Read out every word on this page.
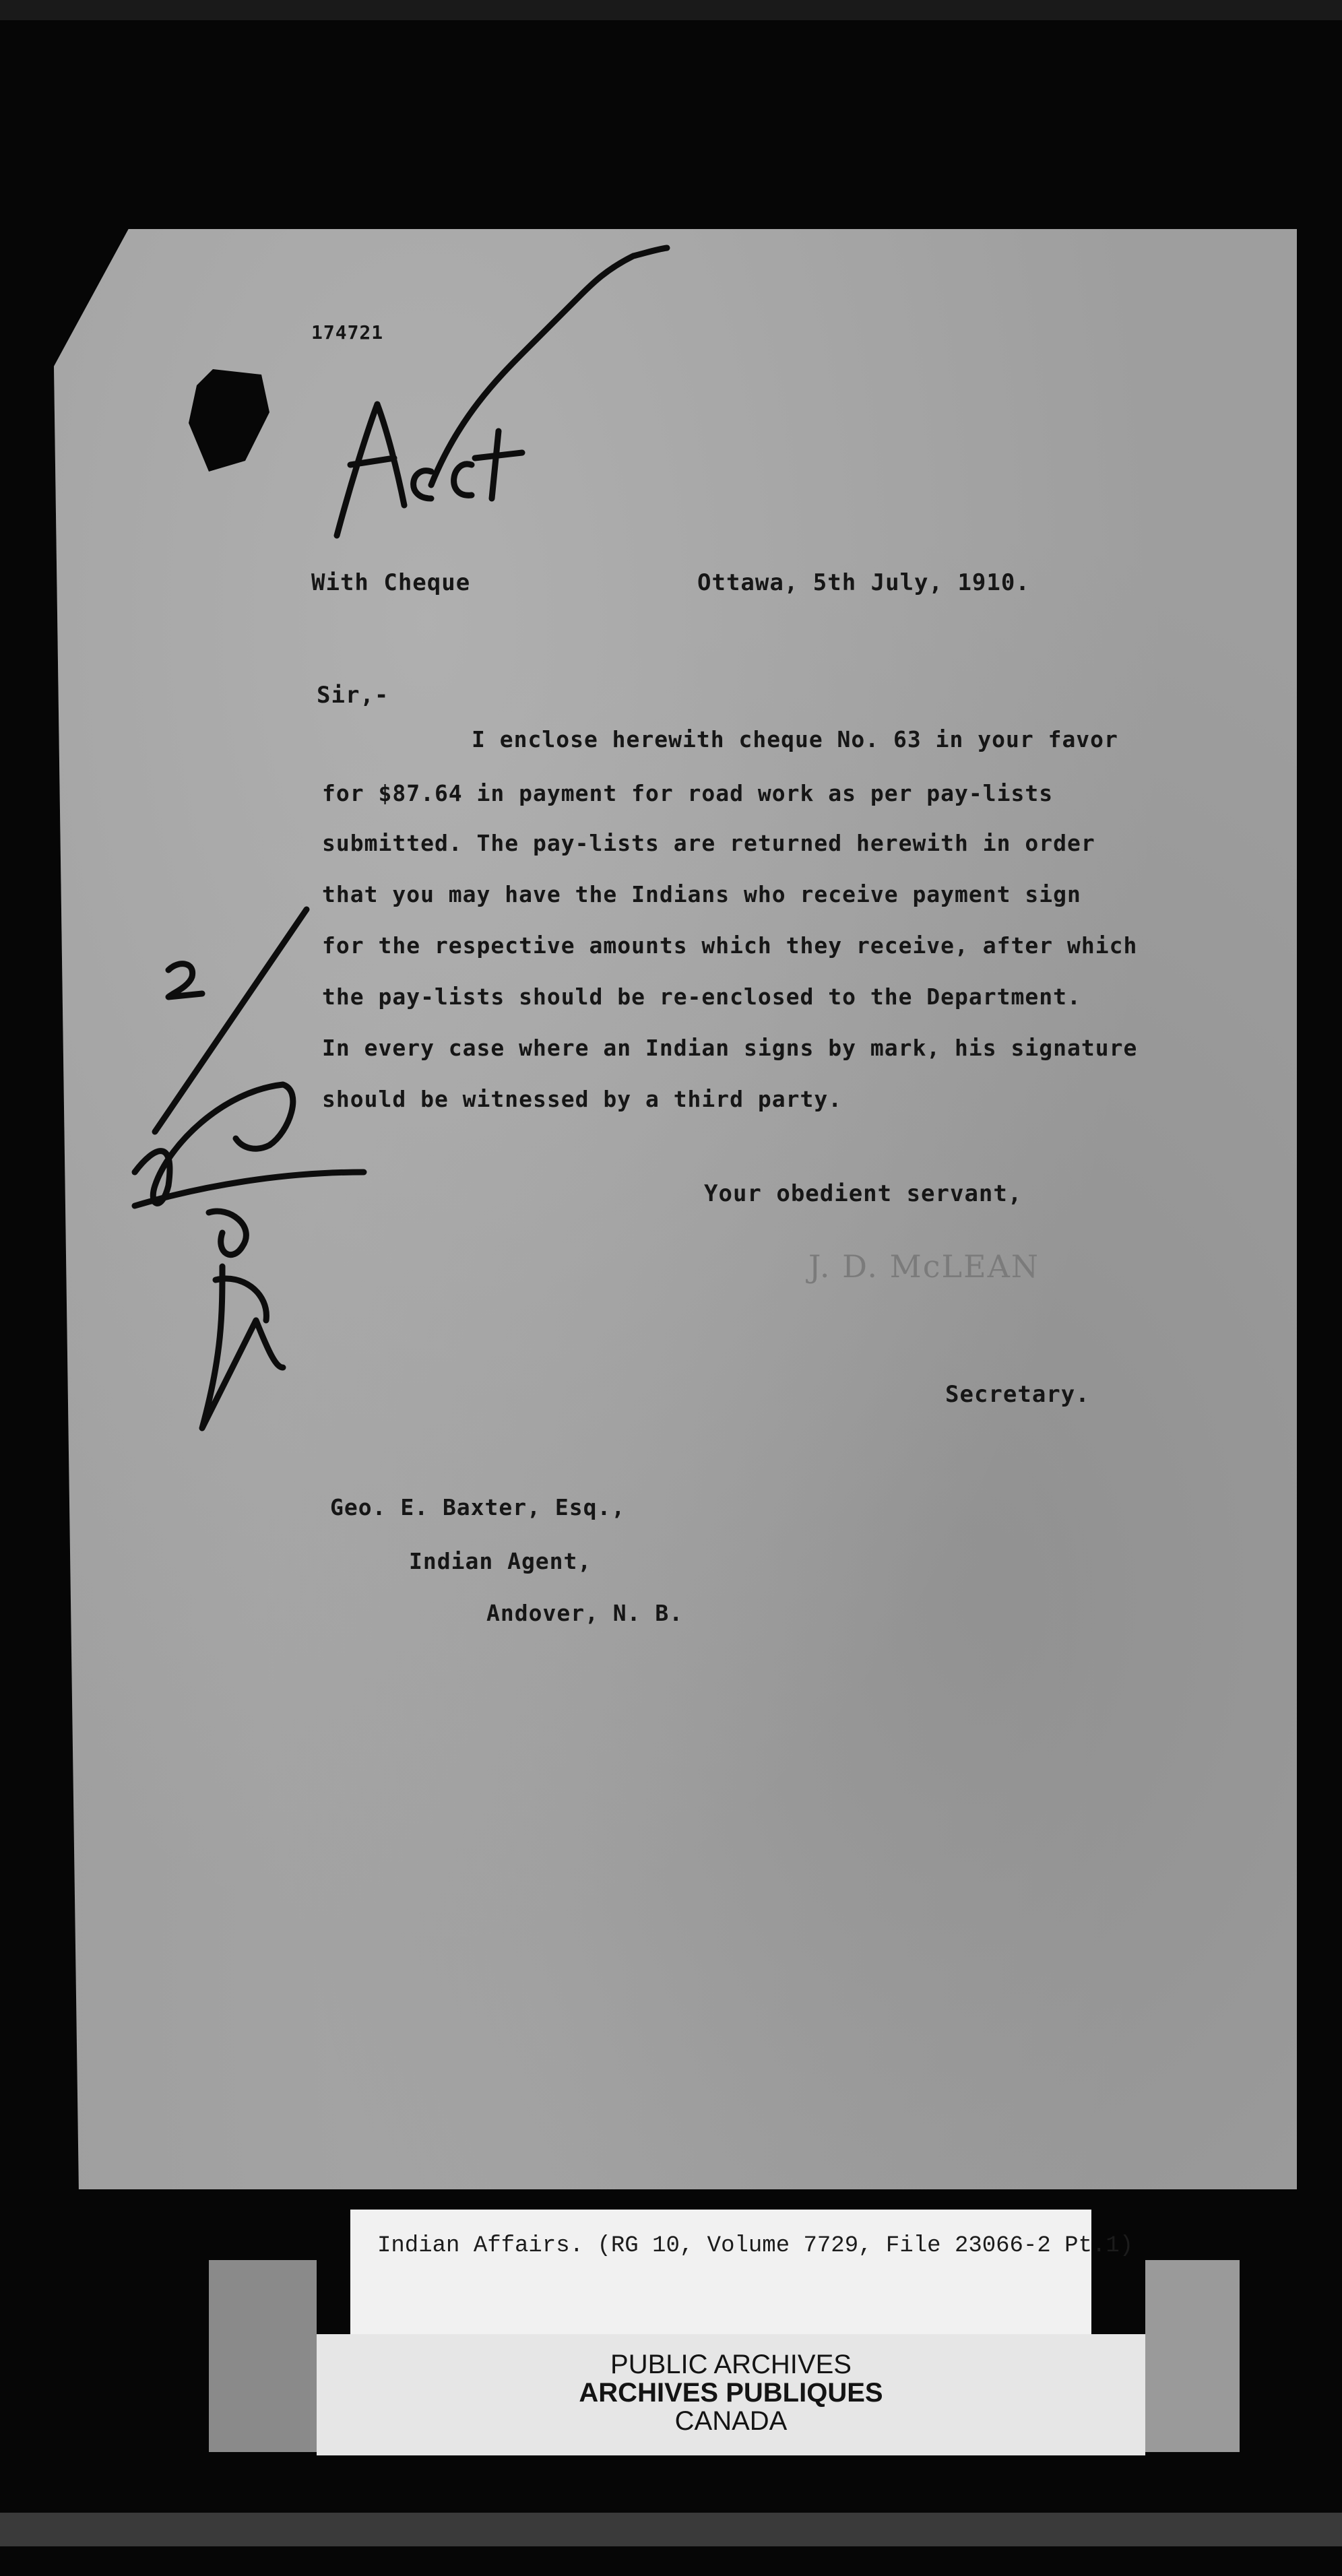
174721
With Cheque	Ottawa, 5th July, 1910.
Sir,-
I enclose herewith cheque No. 63 in your favor
for $87.64 in payment for road work as per pay-lists
submitted. The pay-lists are returned herewith in order
that you may have the Indians who receive payment sign
for the respective amounts which they receive, after which
the pay-lists should be re-enclosed to the Department.
In every case where an Indian signs by mark, his signature
should be witnessed by a third party.
Your obedient servant,
J. D. McLEAN
Secretary.
Geo. E. Baxter, Esq.,
Indian Agent,
Andover, N. B.
Indian Affairs. (RG 10, Volume 7729, File 23066-2 Pt.1)
PUBLIC ARCHIVES
ARCHIVES PUBLIQUES
CANADA
